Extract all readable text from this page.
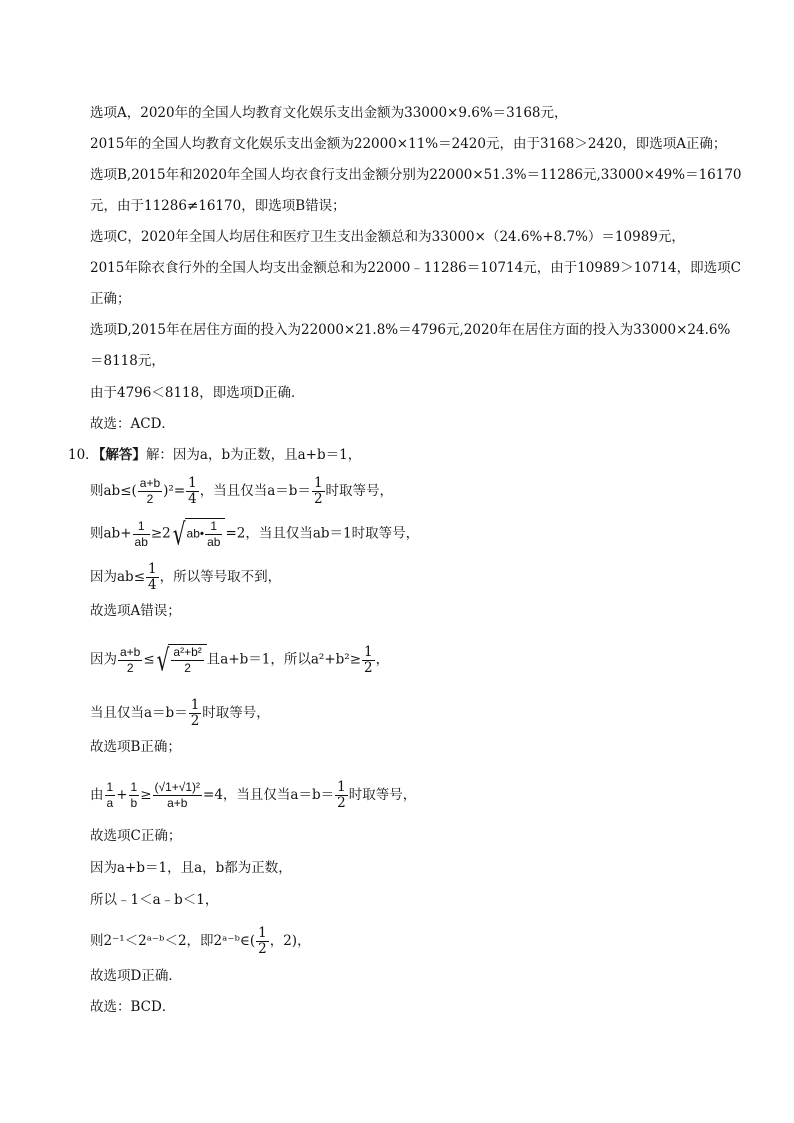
选项A，2020年的全国人均教育文化娱乐支出金额为33000×9.6%＝3168元，
2015年的全国人均教育文化娱乐支出金额为22000×11%＝2420元，由于3168＞2420，即选项A正确；
选项B,2015年和2020年全国人均衣食行支出金额分别为22000×51.3%＝11286元,33000×49%＝16170
元，由于11286≠16170，即选项B错误；
选项C，2020年全国人均居住和医疗卫生支出金额总和为33000×（24.6%+8.7%）＝10989元，
2015年除衣食行外的全国人均支出金额总和为22000﹣11286＝10714元，由于10989＞10714，即选项C
正确；
选项D,2015年在居住方面的投入为22000×21.8%＝4796元,2020年在居住方面的投入为33000×24.6%
＝8118元，
由于4796＜8118，即选项D正确．
故选：ACD．
10．【解答】解：因为a，b为正数，且a+b＝1，
则$ab\le( \frac{a+b}{2} )^2= \frac{1}{4}$ ，当且仅当$a=b= \frac{1}{2}$ 时取等号，
则$ab+ \frac{1}{ab} \ge 2$ √ab• $\frac{1}{ab} =2$，当且仅当ab＝1时取等号，
因为$ab\le \frac{1}{4}$ ，所以等号取不到，
故选项A错误；
因为 $\frac{a+b}{2}$ ≤ √ $\frac{\text{a²+b²}}{2}$ 且a+b＝1，所以$a^2+b^2\ge \frac{1}{2}$ ，
当且仅当$a=b= \frac{1}{2}$ 时取等号，
故选项B正确；
由 $\frac{1}{a} + \frac{1}{b} \ge \frac{\text{(√1+√1)²}}{a+b} =4$，当且仅当$a=b= \frac{1}{2}$ 时取等号，
故选项C正确；
因为a+b＝1，且a，b都为正数，
所以﹣1＜a﹣b＜1，
则2⁻¹＜2ᵃ⁻ᵇ＜2，即2ᵃ⁻ᵇ∈( $\frac{1}{2}$ ，2)，
故选项D正确．
故选：BCD．
